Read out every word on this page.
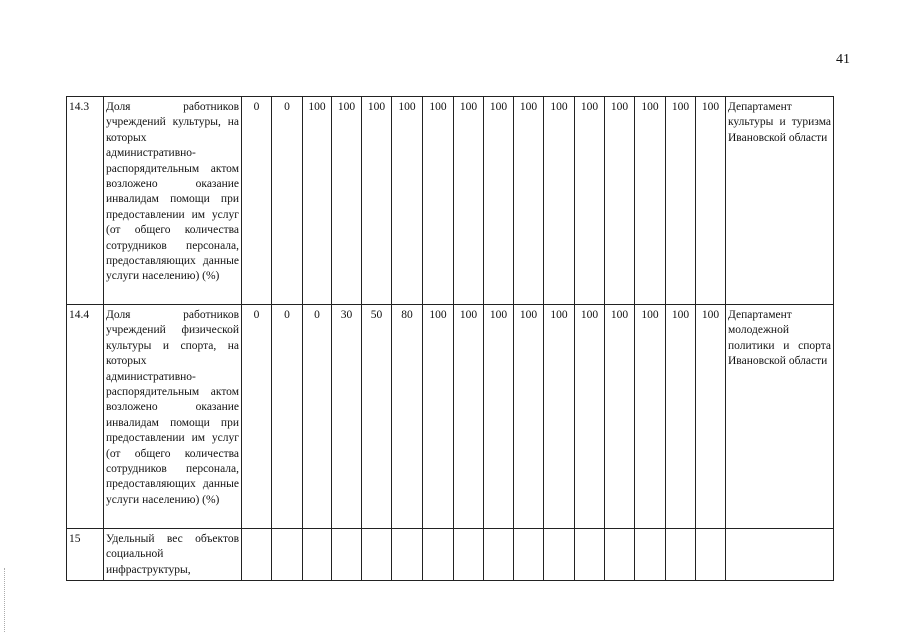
41
14.3	Доля работников учреждений культуры, на которых административно-распорядительным актом возложено оказание инвалидам помощи при предоставлении им услуг (от общего количества сотрудников персонала, предоставляющих данные услуги населению) (%)	0	0	100	100	100	100	100	100	100	100	100	100	100	100	100	100	Департамент культуры и туризма Ивановской области
14.4	Доля работников учреждений физической культуры и спорта, на которых административно-распорядительным актом возложено оказание инвалидам помощи при предоставлении им услуг (от общего количества сотрудников персонала, предоставляющих данные услуги населению) (%)	0	0	0	30	50	80	100	100	100	100	100	100	100	100	100	100	Департамент молодежной политики и спорта Ивановской области
15	Удельный вес объектов социальной инфраструктуры,																	
